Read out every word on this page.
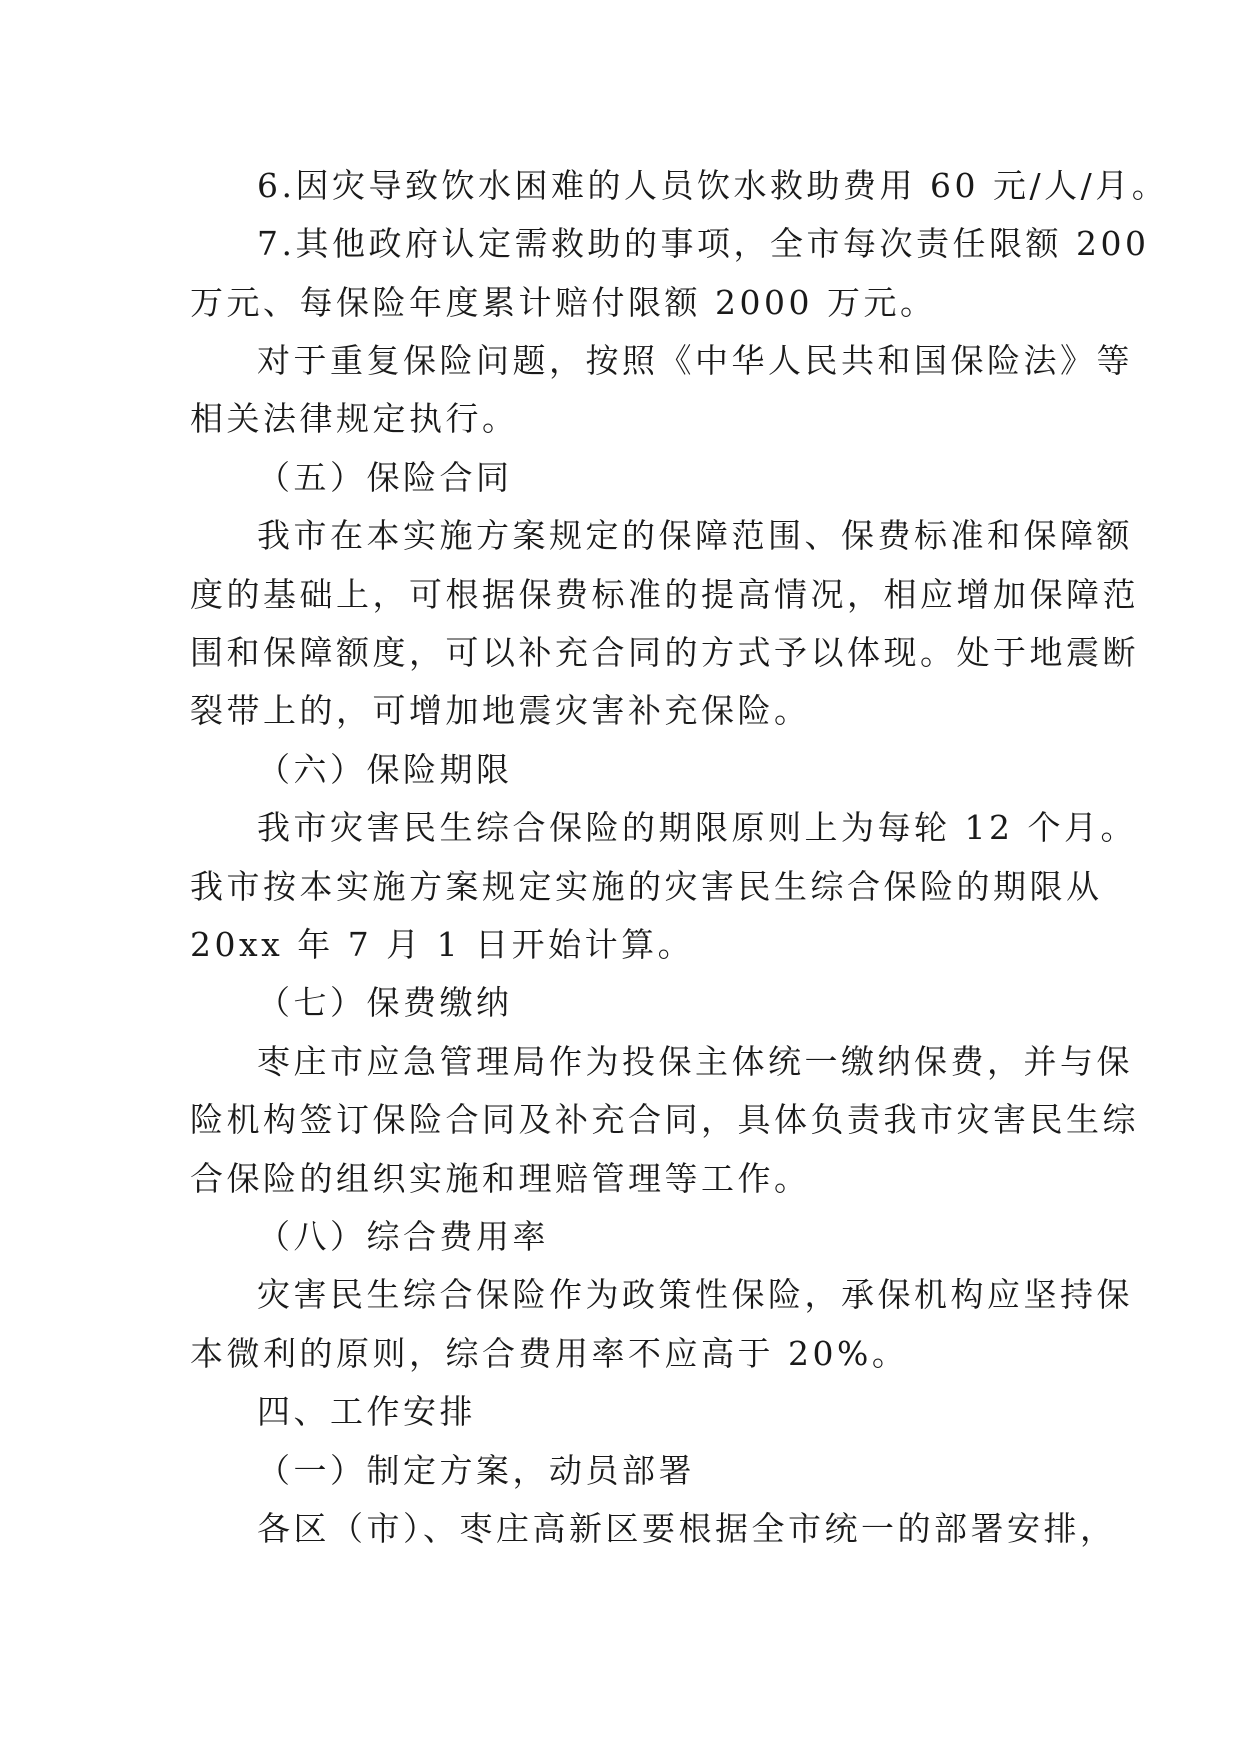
6.因灾导致饮水困难的人员饮水救助费用 60 元/人/月。

7.其他政府认定需救助的事项，全市每次责任限额 200

万元、每保险年度累计赔付限额 2000 万元。

对于重复保险问题，按照《中华人民共和国保险法》等

相关法律规定执行。

（五）保险合同

我市在本实施方案规定的保障范围、保费标准和保障额

度的基础上，可根据保费标准的提高情况，相应增加保障范

围和保障额度，可以补充合同的方式予以体现。处于地震断

裂带上的，可增加地震灾害补充保险。

（六）保险期限

我市灾害民生综合保险的期限原则上为每轮 12 个月。

我市按本实施方案规定实施的灾害民生综合保险的期限从

20xx 年 7 月 1 日开始计算。

（七）保费缴纳

枣庄市应急管理局作为投保主体统一缴纳保费，并与保

险机构签订保险合同及补充合同，具体负责我市灾害民生综

合保险的组织实施和理赔管理等工作。

（八）综合费用率

灾害民生综合保险作为政策性保险，承保机构应坚持保

本微利的原则，综合费用率不应高于 20%。

四、工作安排

（一）制定方案，动员部署

各区（市）、枣庄高新区要根据全市统一的部署安排，
